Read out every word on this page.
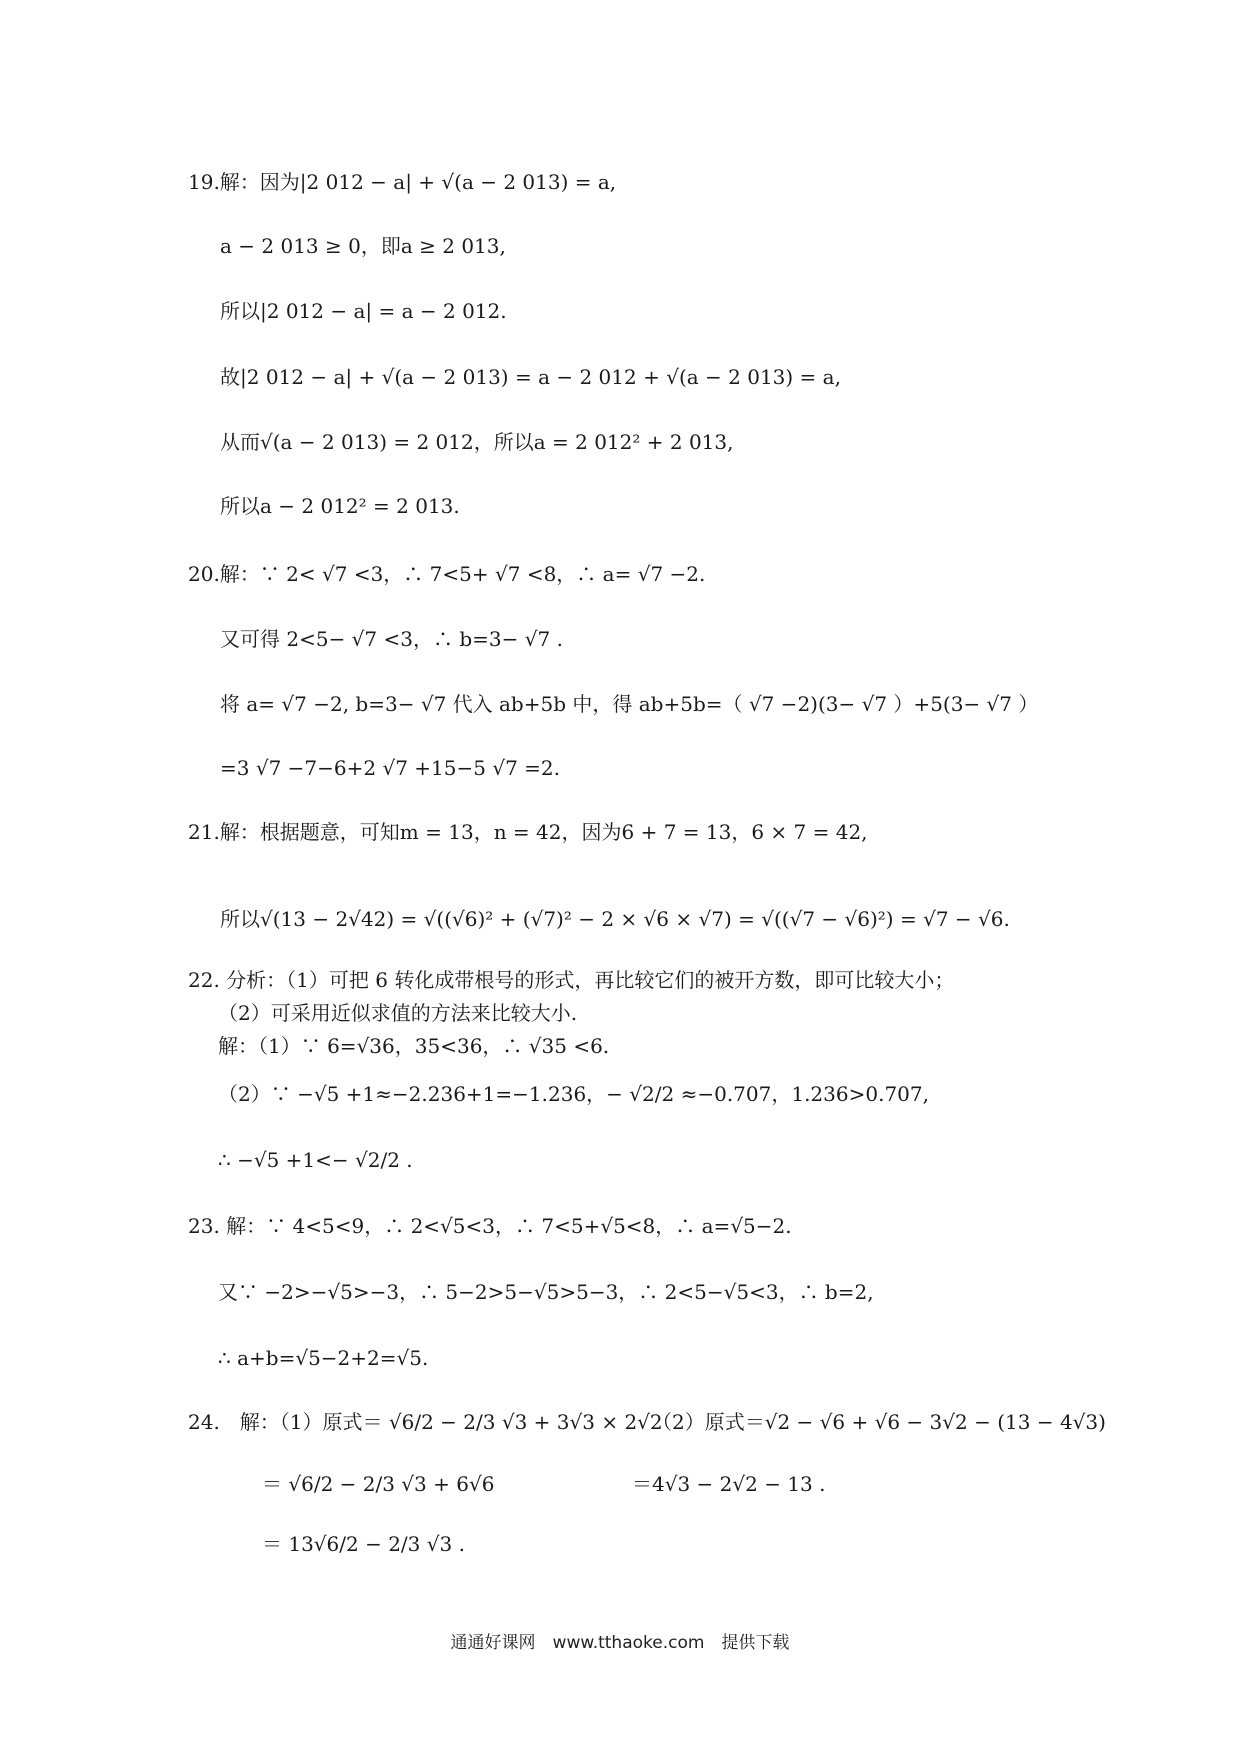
19.解：因为|2 012 − a| + √(a − 2 013) = a,
a − 2 013 ≥ 0，即a ≥ 2 013,
所以|2 012 − a| = a − 2 012.
故|2 012 − a| + √(a − 2 013) = a − 2 012 + √(a − 2 013) = a,
从而√(a − 2 013) = 2 012，所以a = 2 012² + 2 013,
所以a − 2 012² = 2 013.
20.解：∵ 2< √7 <3，∴ 7<5+ √7 <8，∴ a= √7 −2.
又可得 2<5− √7 <3，∴ b=3− √7 .
将 a= √7 −2, b=3− √7 代入 ab+5b 中，得 ab+5b=（ √7 −2)(3− √7 ）+5(3− √7 ）
=3 √7 −7−6+2 √7 +15−5 √7 =2.
21.解：根据题意，可知m = 13，n = 42，因为6 + 7 = 13，6 × 7 = 42,
所以√(13 − 2√42) = √((√6)² + (√7)² − 2 × √6 × √7) = √((√7 − √6)²) = √7 − √6.
22. 分析：（1）可把 6 转化成带根号的形式，再比较它们的被开方数，即可比较大小；
（2）可采用近似求值的方法来比较大小.
解：（1）∵ 6=√36，35<36，∴ √35 <6.
（2）∵ −√5 +1≈−2.236+1=−1.236，− √2/2 ≈−0.707，1.236>0.707,
∴ −√5 +1<− √2/2 .
23. 解：∵ 4<5<9，∴ 2<√5<3，∴ 7<5+√5<8，∴ a=√5−2.
又∵ −2>−√5>−3，∴ 5−2>5−√5>5−3，∴ 2<5−√5<3，∴ b=2,
∴ a+b=√5−2+2=√5.
24.　解：（1）原式＝ √6/2 − 2/3 √3 + 3√3 × 2√2
（2）原式＝√2 − √6 + √6 − 3√2 − (13 − 4√3)
＝ √6/2 − 2/3 √3 + 6√6	＝4√3 − 2√2 − 13 .
＝ 13√6/2 − 2/3 √3 .
通通好课网　www.tthaoke.com　提供下载
